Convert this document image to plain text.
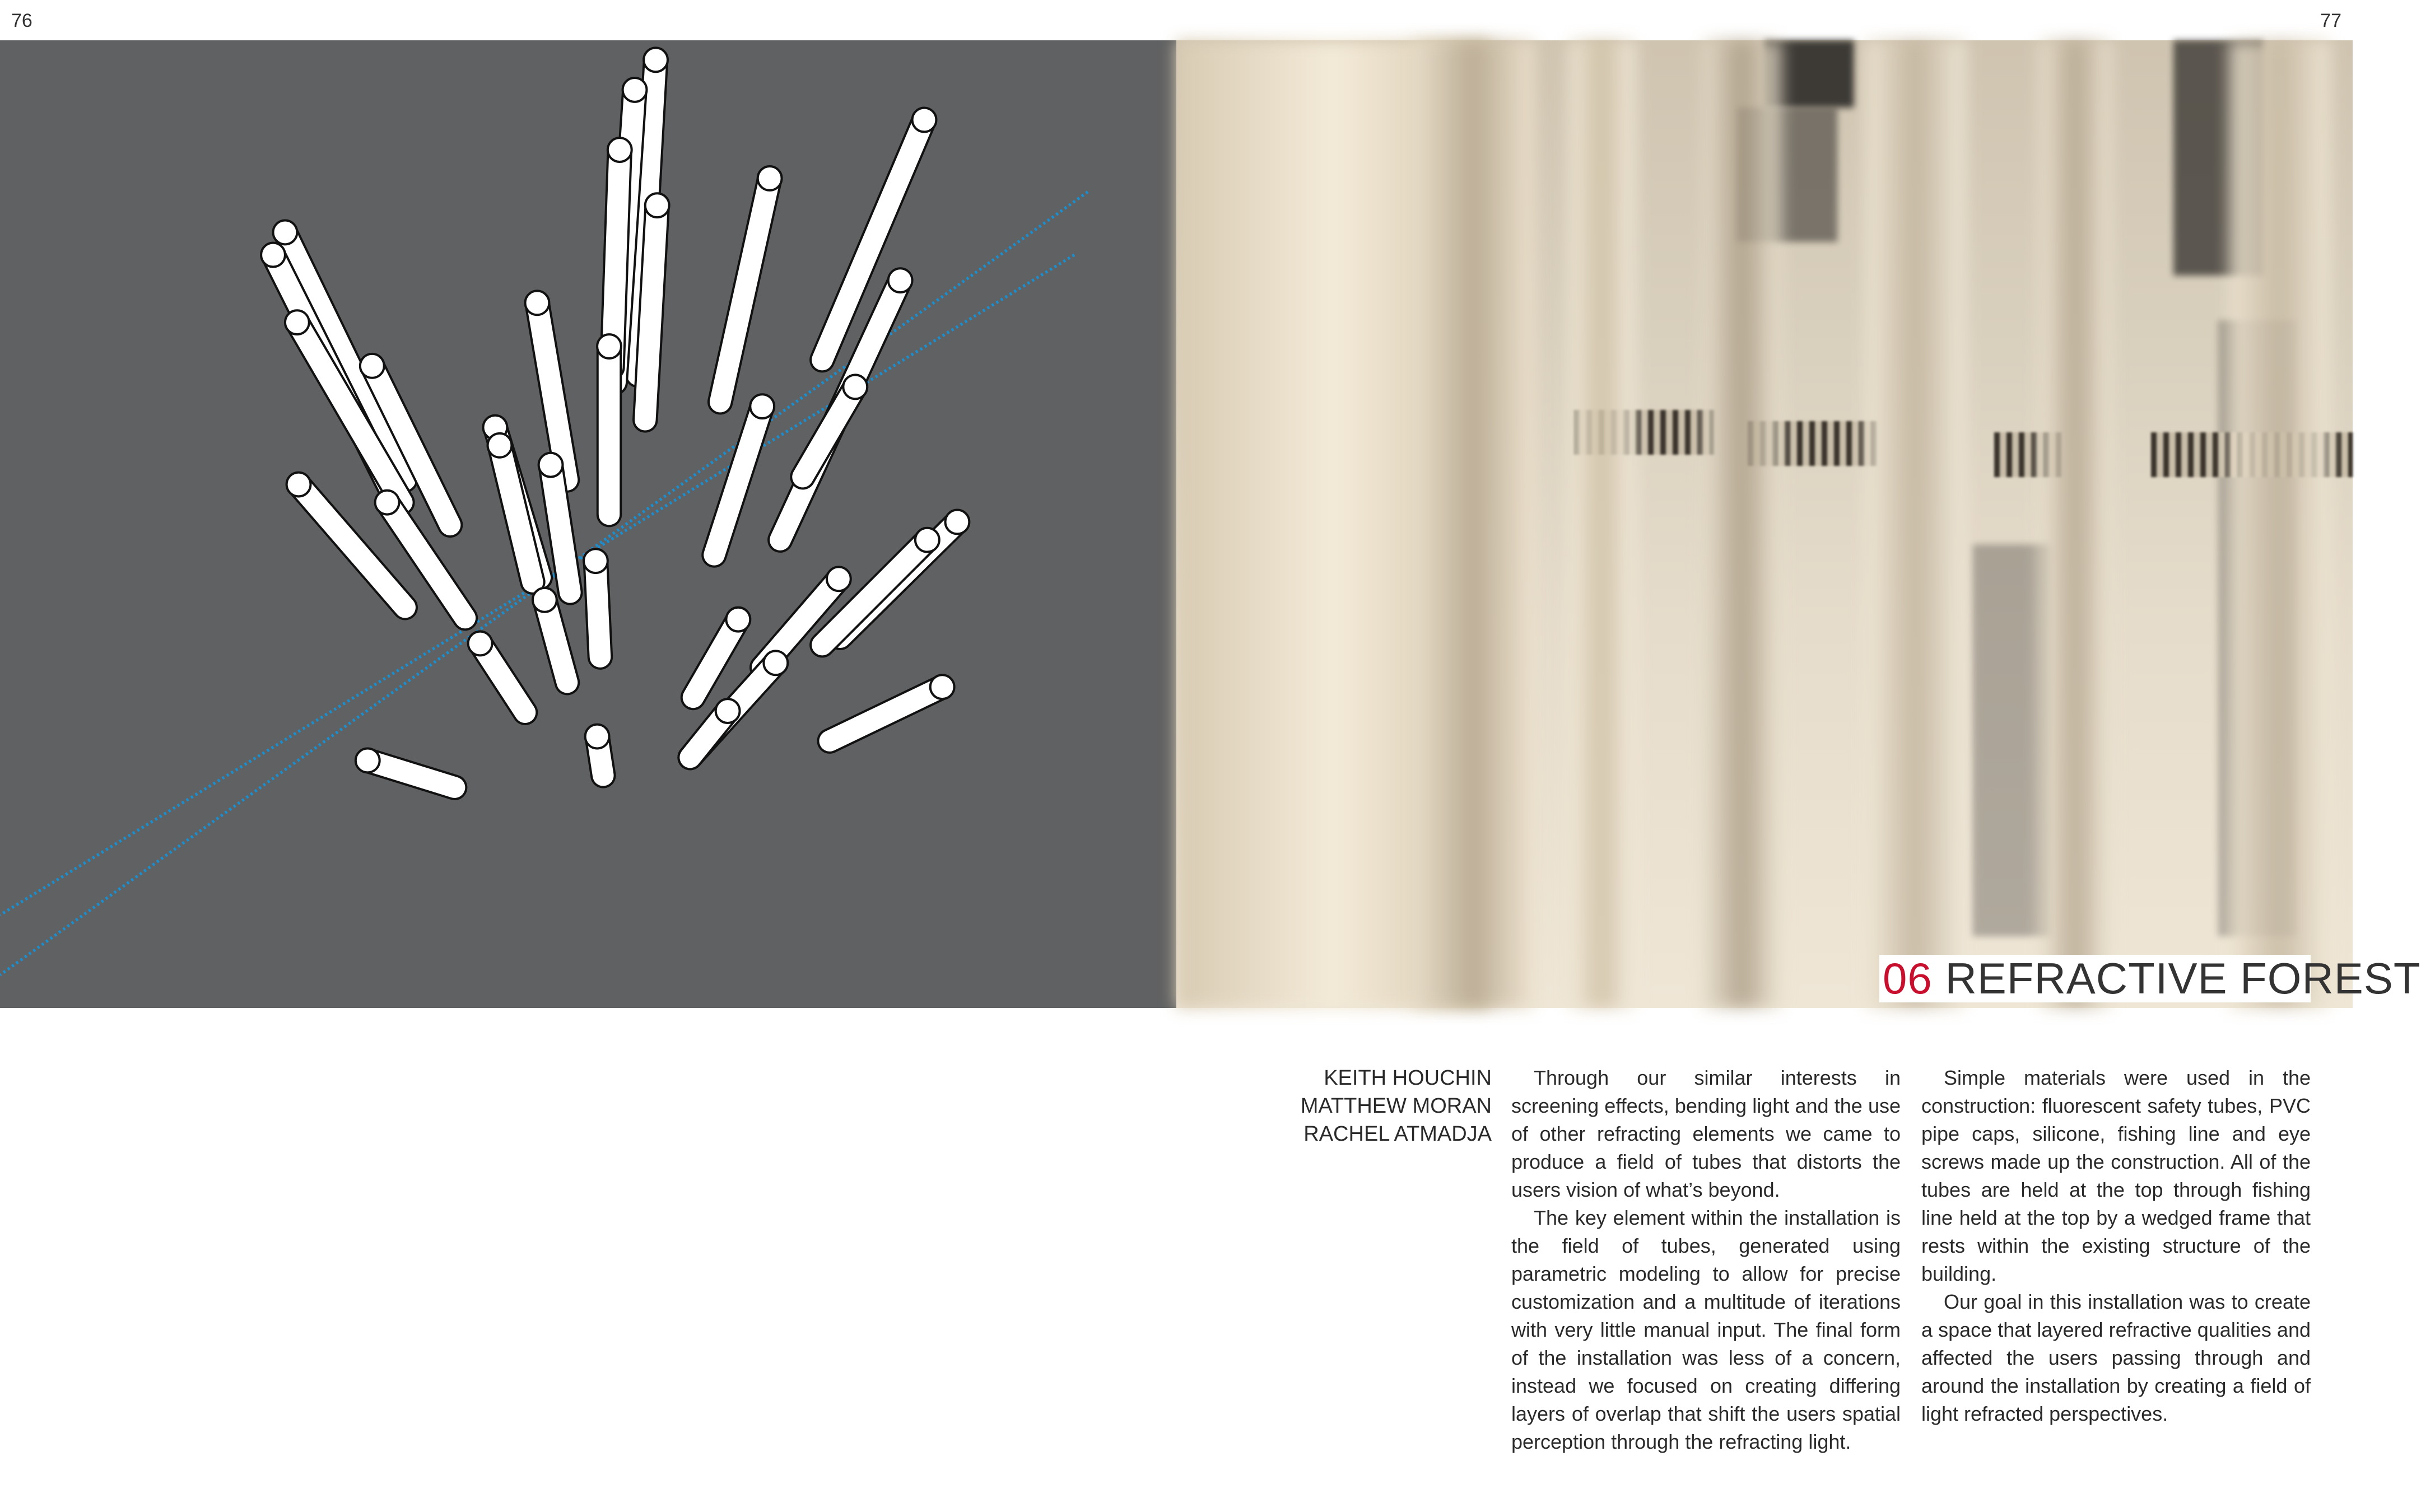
76	77
06 REFRACTIVE FOREST
KEITH HOUCHIN
MATTHEW MORAN
RACHEL ATMADJA

Through our similar interests in screening effects, bending light and the use of other refracting elements we came to produce a field of tubes that distorts the users vision of what’s beyond.

The key element within the installation is the field of tubes, generated using parametric modeling to allow for precise customization and a multitude of iterations with very little manual input. The final form of the installation was less of a concern, instead we focused on creating differing layers of overlap that shift the users spatial perception through the refracting light.

Simple materials were used in the construction: fluorescent safety tubes, PVC pipe caps, silicone, fishing line and eye screws made up the construction. All of the tubes are held at the top through fishing line held at the top by a wedged frame that rests within the existing structure of the building.

Our goal in this installation was to create a space that layered refractive qualities and affected the users passing through and around the installation by creating a field of light refracted perspectives.
